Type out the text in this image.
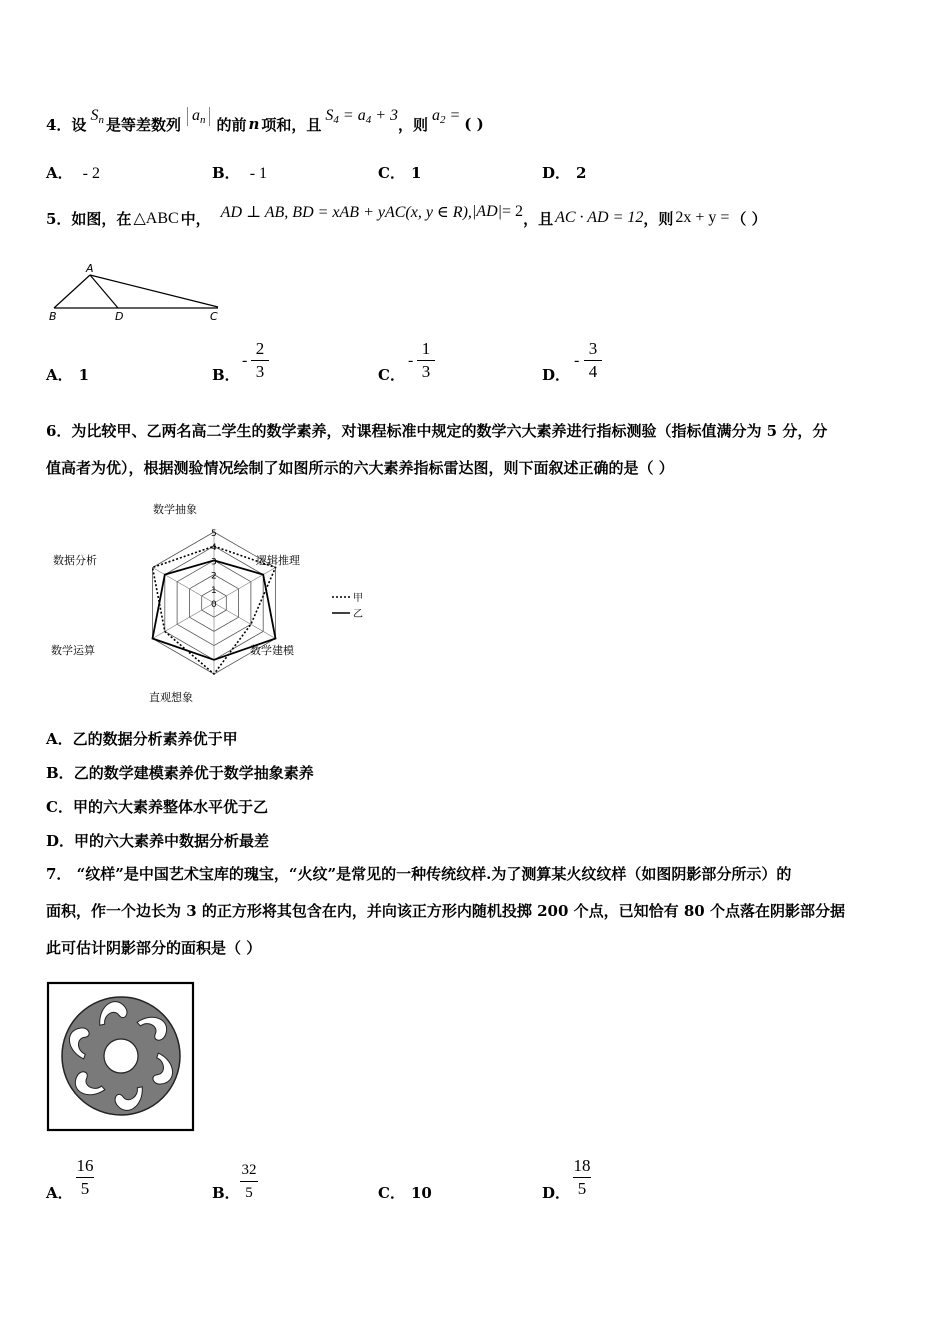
4．设
$S_n$ 是等差数列
$a_n$ 的前 n 项和，且
$S_4 = a_4 + 3$
，则
$a_2$ = ( )
A． - 2	B． - 1	C． 1	D． 2
5．如图，在 △ABC 中， AD ⊥ AB, BD = xAB + yAC(x, y ∈ R), |AD| = 2 ，且 AC · AD = 12 ，则 2x + y = （ ）
A
B	D	C
A． 1	B．
-
2
3	C．
-
1
3	D．
-
3
4
6．为比较甲、乙两名高二学生的数学素养，对课程标准中规定的数学六大素养进行指标测验（指标值满分为 5 分，分
值高者为优），根据测验情况绘制了如图所示的六大素养指标雷达图，则下面叙述正确的是（ ）
数学抽象
逻辑推理
数学建模
直观想象
数学运算
数据分析
0
1
2
3
4
5
甲
乙
A．乙的数据分析素养优于甲
B．乙的数学建模素养优于数学抽象素养
C．甲的六大素养整体水平优于乙
D．甲的六大素养中数据分析最差
7． “纹样”是中国艺术宝库的瑰宝，“火纹”是常见的一种传统纹样.为了测算某火纹纹样（如图阴影部分所示）的
面积，作一个边长为 3 的正方形将其包含在内，并向该正方形内随机投掷 200 个点，已知恰有 80 个点落在阴影部分据
此可估计阴影部分的面积是（ ）
A．
16
5	B．
32
5	C． 10	D．
18
5
